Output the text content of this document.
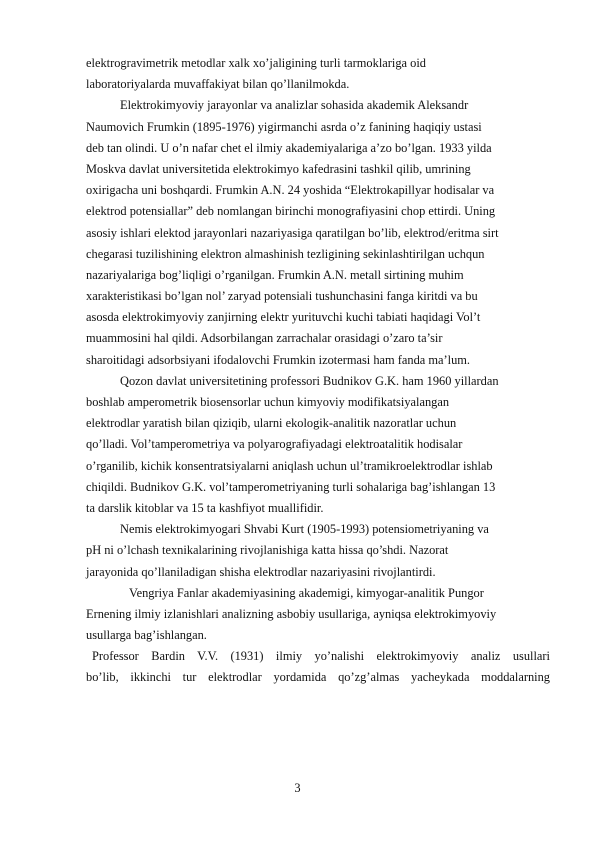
elektrogravimetrik metodlar xalk xo’jaligining turli tarmoklariga oid
laboratoriyalarda muvaffakiyat bilan qo’llanilmokda.
Elektrokimyoviy jarayonlar va analizlar sohasida akademik Aleksandr
Naumovich Frumkin (1895-1976) yigirmanchi asrda o’z fanining haqiqiy ustasi
deb tan olindi. U o’n nafar chet el ilmiy akademiyalariga a’zo bo’lgan. 1933 yilda
Moskva davlat universitetida elektrokimyo kafedrasini tashkil qilib, umrining
oxirigacha uni boshqardi. Frumkin A.N. 24 yoshida “Elektrokapillyar hodisalar va
elektrod potensiallar” deb nomlangan birinchi monografiyasini chop ettirdi. Uning
asosiy ishlari elektod jarayonlari nazariyasiga qaratilgan bo’lib, elektrod/eritma sirt
chegarasi tuzilishining elektron almashinish tezligining sekinlashtirilgan uchqun
nazariyalariga bog’liqligi o’rganilgan. Frumkin A.N. metall sirtining muhim
xarakteristikasi bo’lgan nol’ zaryad potensiali tushunchasini fanga kiritdi va bu
asosda elektrokimyoviy zanjirning elektr yurituvchi kuchi tabiati haqidagi Vol’t
muammosini hal qildi. Adsorbilangan zarrachalar orasidagi o’zaro ta’sir
sharoitidagi adsorbsiyani ifodalovchi Frumkin izotermasi ham fanda ma’lum.
Qozon davlat universitetining professori Budnikov G.K. ham 1960 yillardan
boshlab amperometrik biosensorlar uchun kimyoviy modifikatsiyalangan
elektrodlar yaratish bilan qiziqib, ularni ekologik-analitik nazoratlar uchun
qo’lladi. Vol’tamperometriya va polyarografiyadagi elektroatalitik hodisalar
o’rganilib, kichik konsentratsiyalarni aniqlash uchun ul’tramikroelektrodlar ishlab
chiqildi. Budnikov G.K. vol’tamperometriyaning turli sohalariga bag’ishlangan 13
ta darslik kitoblar va 15 ta kashfiyot muallifidir.
Nemis elektrokimyogari Shvabi Kurt (1905-1993) potensiometriyaning va
pH ni o’lchash texnikalarining rivojlanishiga katta hissa qo’shdi. Nazorat
jarayonida qo’llaniladigan shisha elektrodlar nazariyasini rivojlantirdi.
Vengriya Fanlar akademiyasining akademigi, kimyogar-analitik Pungor
Ernening ilmiy izlanishlari analizning asbobiy usullariga, ayniqsa elektrokimyoviy
usullarga bag’ishlangan.
Professor Bardin V.V. (1931) ilmiy yo’nalishi elektrokimyoviy analiz usullari
bo’lib, ikkinchi tur elektrodlar yordamida qo’zg’almas yacheykada moddalarning
3
